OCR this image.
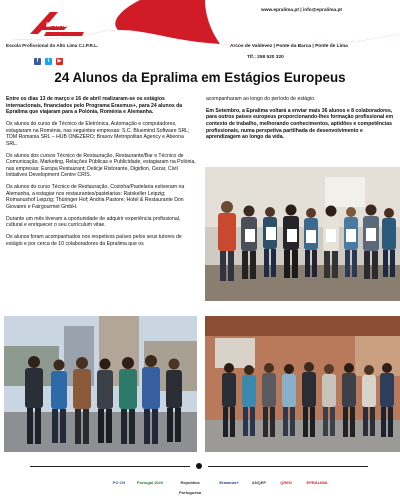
EPRALIMA
Escola Profissional do Alto Lima C.I.P.R.L.
f	t	▶
www.epralima.pt | info@epralima.pt
Arcos de Valdevez | Ponte da Barca | Ponte de Lima
Tlf.: 258 520 320
24 Alunos da Epralima em Estágios Europeus

Entre os dias 13 de março e 16 de abril realizaram-se os estágios internacionais, financiados pelo Programa Erasmus+, para 24 alunos da Epralima que viajaram para a Polónia, Roménia e Alemanha.

Os alunos do curso de Técnico de Eletrónica, Automação e computadores, estagiaram na Roménia, nas seguintes empresas: S.C. Bluemind Software SRL; TDM Romania SRL – HUB ONEZERO; Brasov Metropolitan Agency e Abeona SRL.

Os alunos dos cursos Técnico de Restauração, Restaurante/Bar e Técnico de Comunicação, Marketing, Relações Públicas e Publicidade, estagiaram na Polónia, nas empresas: Europa Restaurant; Delicje Ristorante, Digidion, Cezar, Civil Initiatives Development Centre CRIS.

Os alunos do curso Técnico de Restauração, Cozinha/Pastelaria estiveram na Alemanha, a estagiar nos restaurantes/pastelarias: Ratskeller Leipzig; Romanushof Leipzig; Thüringer Hof; Andria Pastore; Hotel & Restaurante Don Giovanni e Fairgourmet GmbH.

Durante um mês tiveram a oportunidade de adquirir experiência profissional, cultural e enriquecer o seu currículum vitae.

Os alunos foram acompanhados nos respetivos países pelos seus tutores de estágio e por cerca de 10 colaboradores da Epralima que os

acompanharam ao longo do período de estágio.

Em Setembro, a Epralima voltará a enviar mais 36 alunos e 8 colaboradores, para outros países europeus proporcionando-lhes formação profissional em contexto de trabalho, melhorando conhecimentos, aptidões e competências profissionais, numa perspetiva partilhada de desenvolvimento e aprendizagem ao longo da vida.

PO CH	Portugal 2020	República Portuguesa
Erasmus+	ANQEP	QREN	EPRALIMA
